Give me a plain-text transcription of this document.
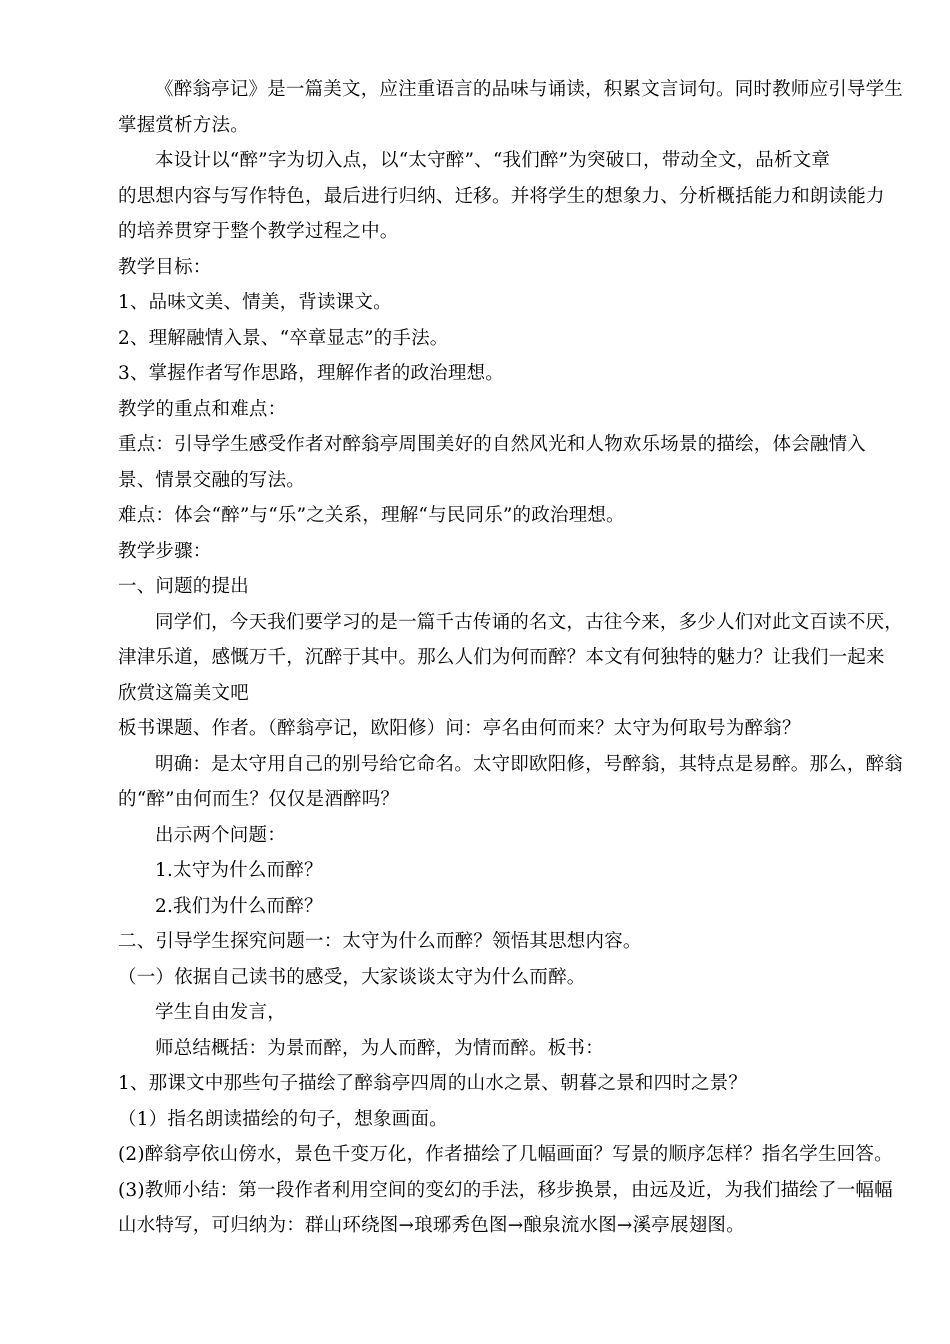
《醉翁亭记》是一篇美文，应注重语言的品味与诵读，积累文言词句。同时教师应引导学生
掌握赏析方法。
本设计以“醉”字为切入点，以“太守醉”、“我们醉”为突破口，带动全文，品析文章
的思想内容与写作特色，最后进行归纳、迁移。并将学生的想象力、分析概括能力和朗读能力
的培养贯穿于整个教学过程之中。
教学目标：
1、品味文美、情美，背读课文。
2、理解融情入景、“卒章显志”的手法。
3、掌握作者写作思路，理解作者的政治理想。
教学的重点和难点：
重点：引导学生感受作者对醉翁亭周围美好的自然风光和人物欢乐场景的描绘，体会融情入
景、情景交融的写法。
难点：体会“醉”与“乐”之关系，理解“与民同乐”的政治理想。
教学步骤：
一、问题的提出
同学们，今天我们要学习的是一篇千古传诵的名文，古往今来，多少人们对此文百读不厌，
津津乐道，感慨万千，沉醉于其中。那么人们为何而醉？本文有何独特的魅力？让我们一起来
欣赏这篇美文吧
板书课题、作者。（醉翁亭记，欧阳修）问：亭名由何而来？太守为何取号为醉翁？
明确：是太守用自己的别号给它命名。太守即欧阳修，号醉翁，其特点是易醉。那么，醉翁
的“醉”由何而生？仅仅是酒醉吗？
出示两个问题：
1.太守为什么而醉？
2.我们为什么而醉？
二、引导学生探究问题一：太守为什么而醉？领悟其思想内容。
（一）依据自己读书的感受，大家谈谈太守为什么而醉。
学生自由发言，
师总结概括：为景而醉，为人而醉，为情而醉。板书：
1、那课文中那些句子描绘了醉翁亭四周的山水之景、朝暮之景和四时之景？
（1）指名朗读描绘的句子，想象画面。
(2)醉翁亭依山傍水，景色千变万化，作者描绘了几幅画面？写景的顺序怎样？指名学生回答。
(3)教师小结：第一段作者利用空间的变幻的手法，移步换景，由远及近，为我们描绘了一幅幅
山水特写，可归纳为：群山环绕图→琅琊秀色图→酿泉流水图→溪亭展翅图。
